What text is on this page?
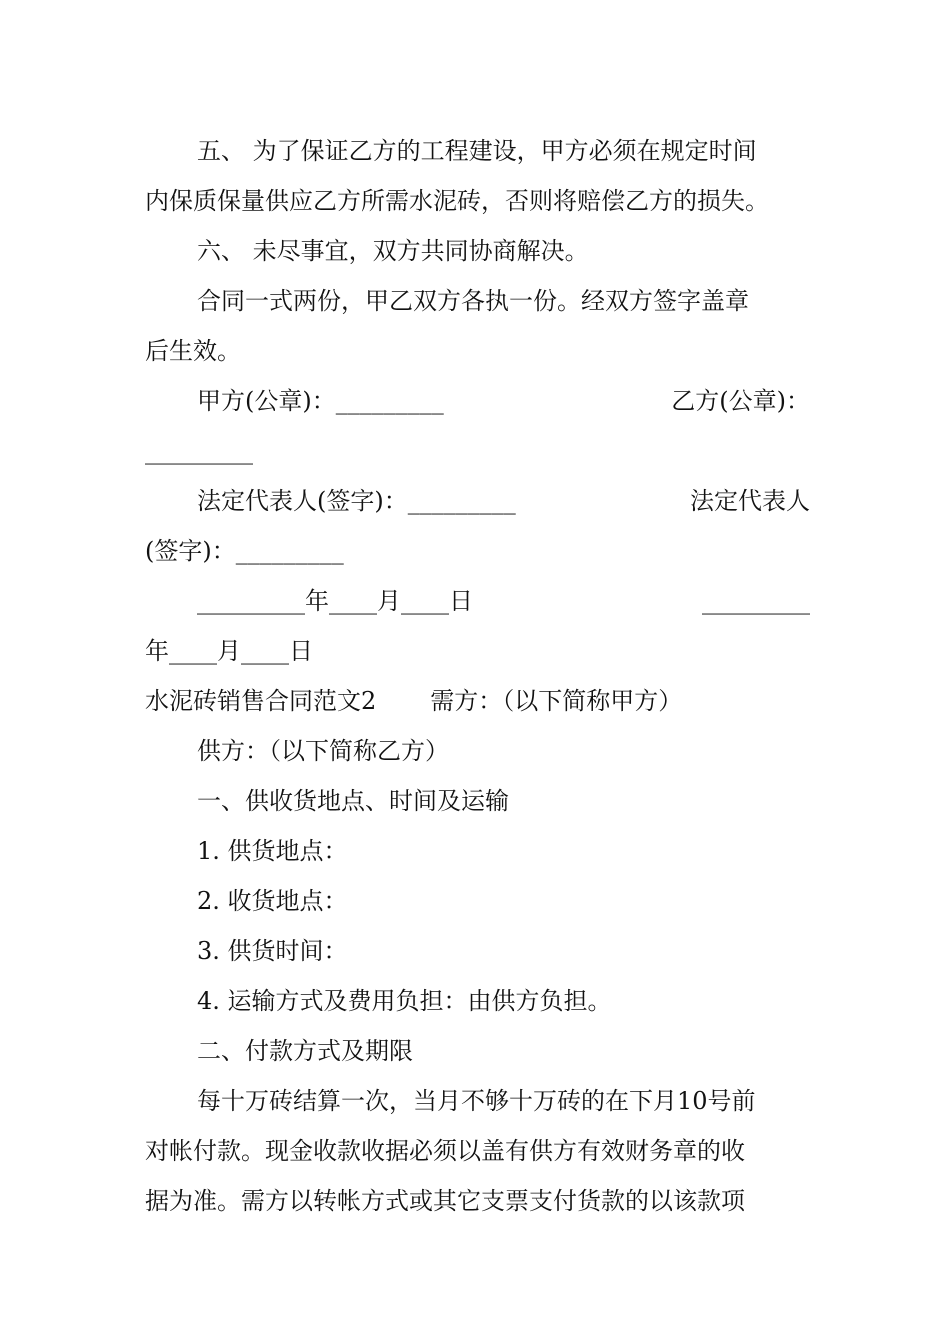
五、 为了保证乙方的工程建设，甲方必须在规定时间
内保质保量供应乙方所需水泥砖，否则将赔偿乙方的损失。
六、 未尽事宜，双方共同协商解决。
合同一式两份，甲乙双方各执一份。经双方签字盖章
后生效。
甲方(公章)：_________	乙方(公章)：
_________
法定代表人(签字)：_________	法定代表人
(签字)：_________
_________年____月____日	_________
年____月____日
水泥砖销售合同范文2 需方：（以下简称甲方）
供方：（以下简称乙方）
一、供收货地点、时间及运输
1. 供货地点：
2. 收货地点：
3. 供货时间：
4. 运输方式及费用负担：由供方负担。
二、付款方式及期限
每十万砖结算一次，当月不够十万砖的在下月10号前
对帐付款。现金收款收据必须以盖有供方有效财务章的收
据为准。需方以转帐方式或其它支票支付货款的以该款项
